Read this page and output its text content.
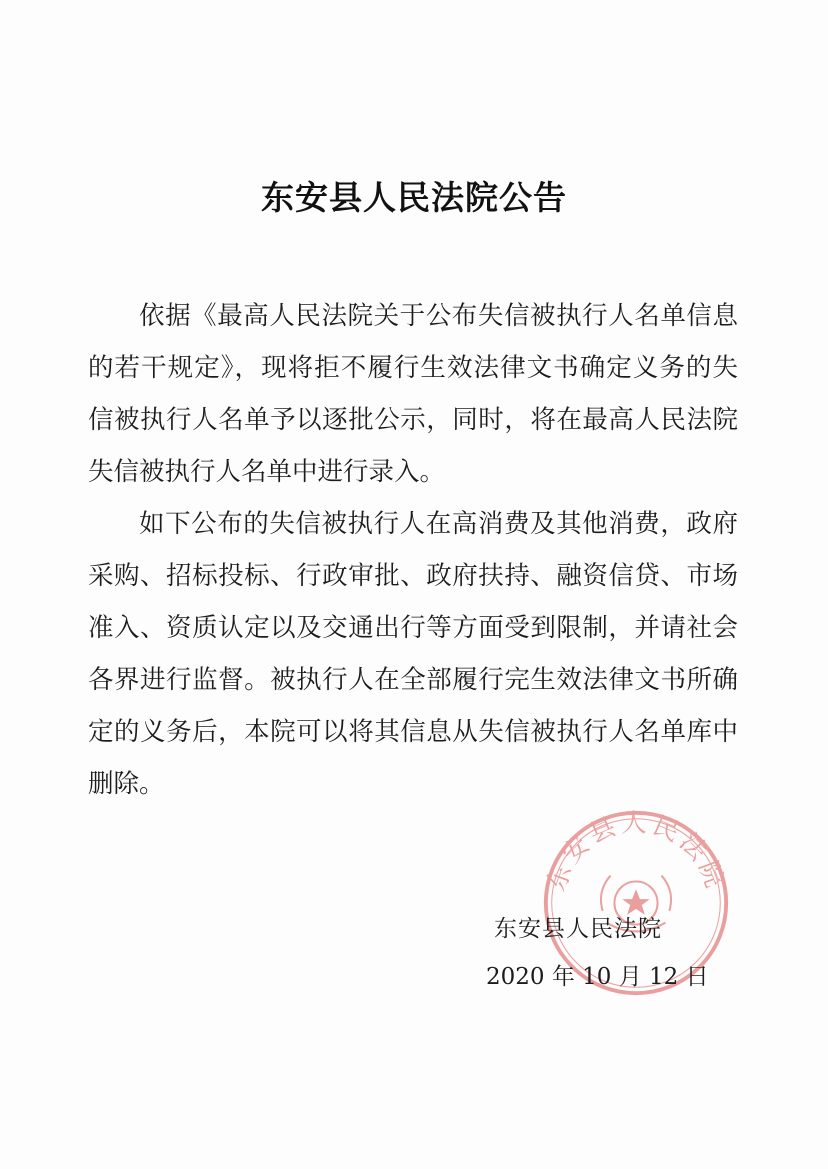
东安县人民法院公告

依据《最高人民法院关于公布失信被执行人名单信息的若干规定》，现将拒不履行生效法律文书确定义务的失信被执行人名单予以逐批公示，同时，将在最高人民法院失信被执行人名单中进行录入。

如下公布的失信被执行人在高消费及其他消费，政府采购、招标投标、行政审批、政府扶持、融资信贷、市场准入、资质认定以及交通出行等方面受到限制，并请社会各界进行监督。被执行人在全部履行完生效法律文书所确定的义务后，本院可以将其信息从失信被执行人名单库中删除。

东安县人民法院
东安县人民法院
2020 年 10 月 12 日
